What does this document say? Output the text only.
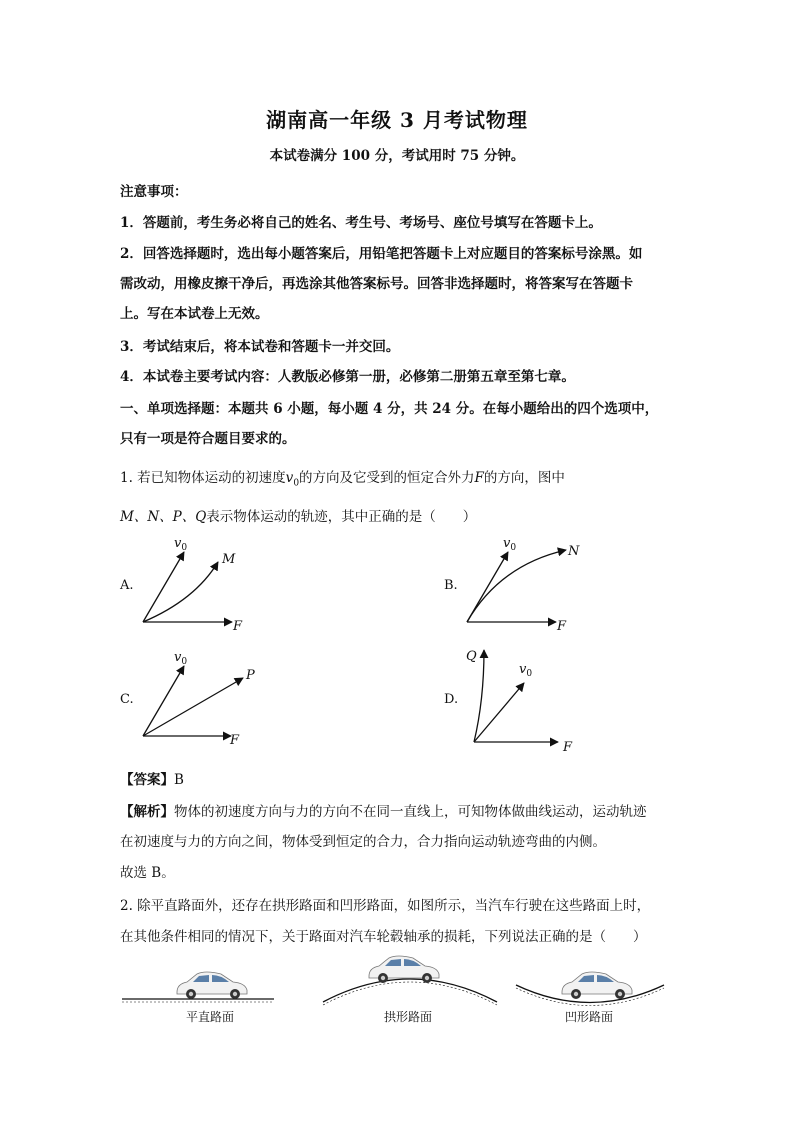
湖南高一年级 3 月考试物理
本试卷满分 100 分，考试用时 75 分钟。
注意事项：
1．答题前，考生务必将自己的姓名、考生号、考场号、座位号填写在答题卡上。
2．回答选择题时，选出每小题答案后，用铅笔把答题卡上对应题目的答案标号涂黑。如
需改动，用橡皮擦干净后，再选涂其他答案标号。回答非选择题时，将答案写在答题卡
上。写在本试卷上无效。
3．考试结束后，将本试卷和答题卡一并交回。
4．本试卷主要考试内容：人教版必修第一册，必修第二册第五章至第七章。
一、单项选择题：本题共 6 小题，每小题 4 分，共 24 分。在每小题给出的四个选项中，
只有一项是符合题目要求的。
1. 若已知物体运动的初速度$v_0$的方向及它受到的恒定合外力F的方向，图中
M、N、P、Q表示物体运动的轨迹，其中正确的是（　　）
A.	B.
C.	D.
$v_0$
M
F
$v_0$	N
F
$v_0$
P
F
$v_0$
Q
F
【答案】B
【解析】物体的初速度方向与力的方向不在同一直线上，可知物体做曲线运动，运动轨迹
在初速度与力的方向之间，物体受到恒定的合力，合力指向运动轨迹弯曲的内侧。
故选 B。
2. 除平直路面外，还存在拱形路面和凹形路面，如图所示，当汽车行驶在这些路面上时，
在其他条件相同的情况下，关于路面对汽车轮毂轴承的损耗，下列说法正确的是（　　）
平直路面	拱形路面	凹形路面
